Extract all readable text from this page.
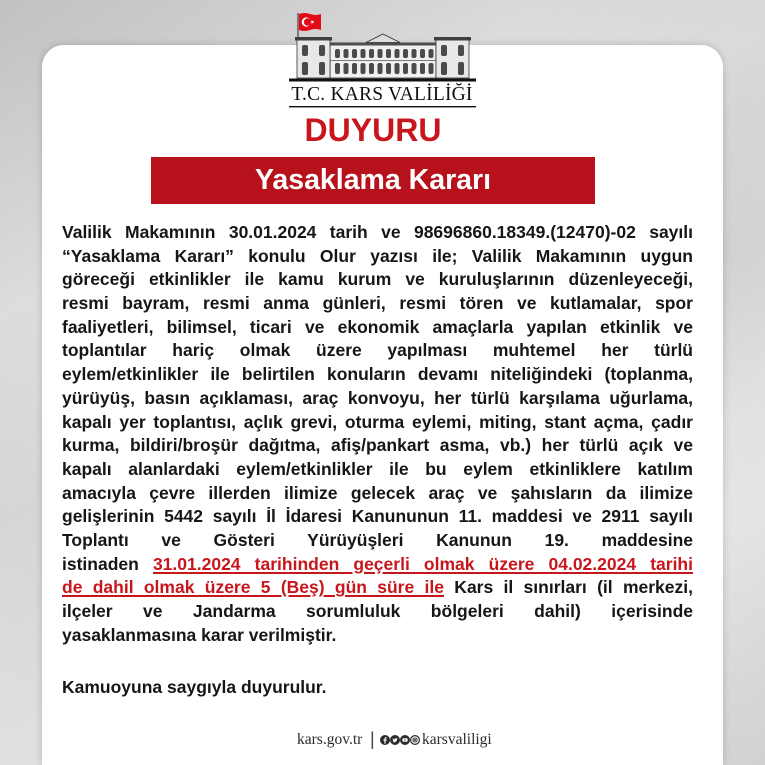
T.C. KARS VALİLİĞİ
DUYURU
Yasaklama Kararı
Valilik Makamının 30.01.2024 tarih ve 98696860.18349.(12470)-02 sayılı
“Yasaklama Kararı” konulu Olur yazısı ile; Valilik Makamının uygun
göreceği etkinlikler ile kamu kurum ve kuruluşlarının düzenleyeceği,
resmi bayram, resmi anma günleri, resmi tören ve kutlamalar, spor
faaliyetleri, bilimsel, ticari ve ekonomik amaçlarla yapılan etkinlik ve
toplantılar hariç olmak üzere yapılması muhtemel her türlü
eylem/etkinlikler ile belirtilen konuların devamı niteliğindeki (toplanma,
yürüyüş, basın açıklaması, araç konvoyu, her türlü karşılama uğurlama,
kapalı yer toplantısı, açlık grevi, oturma eylemi, miting, stant açma, çadır
kurma, bildiri/broşür dağıtma, afiş/pankart asma, vb.) her türlü açık ve
kapalı alanlardaki eylem/etkinlikler ile bu eylem etkinliklere katılım
amacıyla çevre illerden ilimize gelecek araç ve şahısların da ilimize
gelişlerinin 5442 sayılı İl İdaresi Kanununun 11. maddesi ve 2911 sayılı
Toplantı ve Gösteri Yürüyüşleri Kanunun 19. maddesine
istinaden 31.01.2024 tarihinden geçerli olmak üzere 04.02.2024 tarihi
de dahil olmak üzere 5 (Beş) gün süre ile Kars il sınırları (il merkezi,
ilçeler ve Jandarma sorumluluk bölgeleri dahil) içerisinde
yasaklanmasına karar verilmiştir.
Kamuoyuna saygıyla duyurulur.
kars.gov.tr |	karsvaliligi
